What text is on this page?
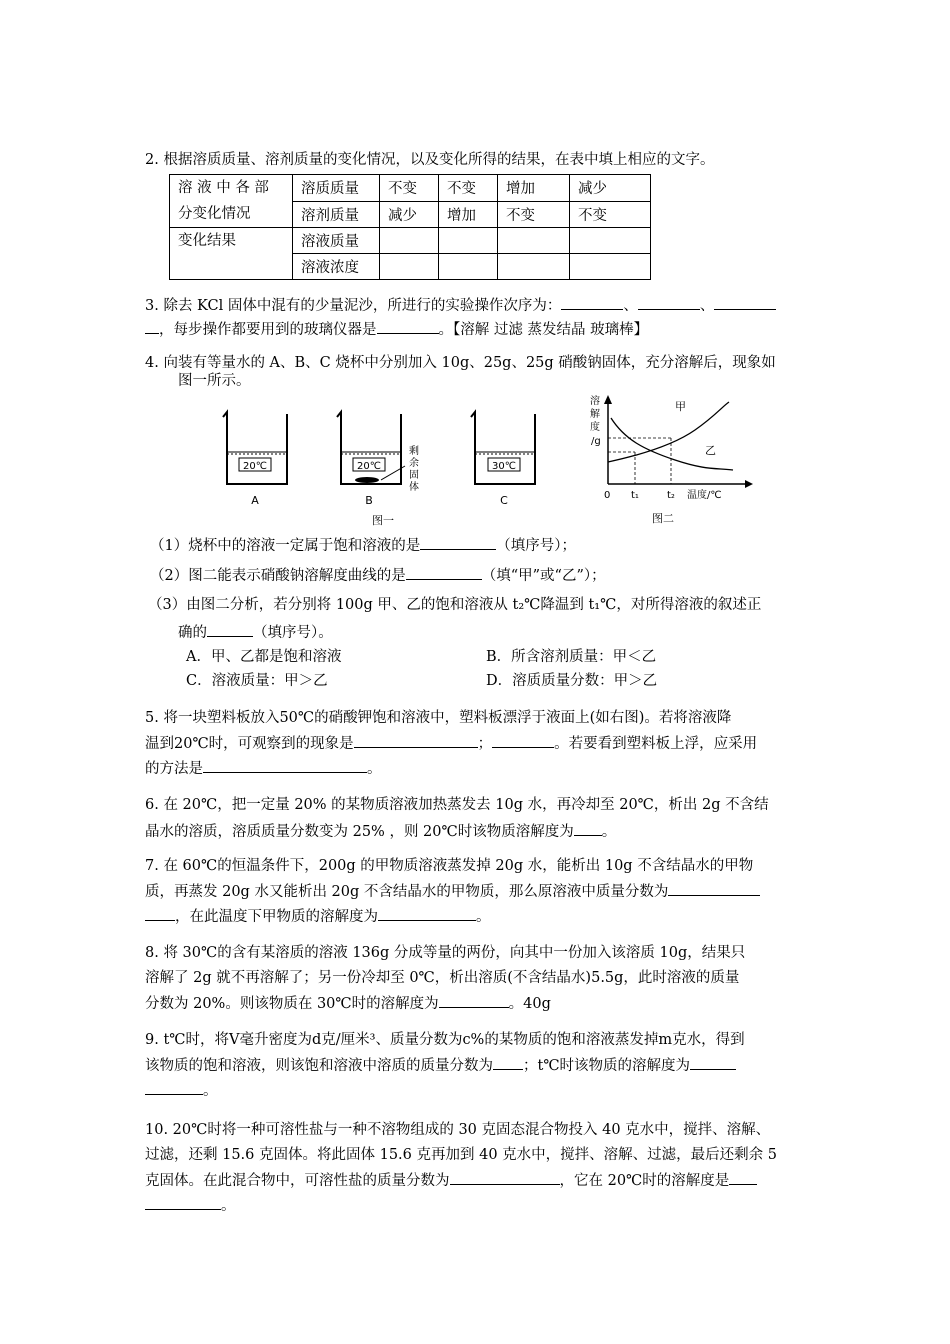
2. 根据溶质质量、溶剂质量的变化情况，以及变化所得的结果，在表中填上相应的文字。
溶 液 中 各 部
分变化情况	溶质质量	不变	不变	增加	减少
	溶剂质量	减少	增加	不变	不变
变化结果	溶液质量				
	溶液浓度				
3. 除去 KCl 固体中混有的少量泥沙，所进行的实验操作次序为：	、	、
，每步操作都要用到的玻璃仪器是	。【溶解 过滤 蒸发结晶 玻璃棒】
4. 向装有等量水的 A、B、C 烧杯中分别加入 10g、25g、25g 硝酸钠固体，充分溶解后，现象如
图一所示。
20℃
A
20℃
剩
余
固
体
B
30℃
C
图一
溶
解
度
/g
甲
乙
0 t₁	t₂ 温度/℃
图二
（1）烧杯中的溶液一定属于饱和溶液的是	（填序号）；
（2）图二能表示硝酸钠溶解度曲线的是	（填“甲”或“乙”）；
（3）由图二分析，若分别将 100g 甲、乙的饱和溶液从 t₂℃降温到 t₁℃，对所得溶液的叙述正
确的	（填序号）。
A．甲、乙都是饱和溶液	B．所含溶剂质量：甲＜乙
C．溶液质量：甲＞乙	D．溶质质量分数：甲＞乙
5. 将一块塑料板放入50℃的硝酸钾饱和溶液中，塑料板漂浮于液面上(如右图)。若将溶液降
温到20℃时，可观察到的现象是	；	。若要看到塑料板上浮，应采用
的方法是	。
6. 在 20℃，把一定量 20% 的某物质溶液加热蒸发去 10g 水，再冷却至 20℃，析出 2g 不含结
晶水的溶质，溶质质量分数变为 25% ，则 20℃时该物质溶解度为 。
7. 在 60℃的恒温条件下，200g 的甲物质溶液蒸发掉 20g 水，能析出 10g 不含结晶水的甲物
质，再蒸发 20g 水又能析出 20g 不含结晶水的甲物质，那么原溶液中质量分数为
，在此温度下甲物质的溶解度为	。
8. 将 30℃的含有某溶质的溶液 136g 分成等量的两份，向其中一份加入该溶质 10g，结果只
溶解了 2g 就不再溶解了；另一份冷却至 0℃，析出溶质(不含结晶水)5.5g，此时溶液的质量
分数为 20%。则该物质在 30℃时的溶解度为	。40g
9. t℃时，将V毫升密度为d克/厘米³、质量分数为c%的某物质的饱和溶液蒸发掉m克水，得到
该物质的饱和溶液，则该饱和溶液中溶质的质量分数为 ；t℃时该物质的溶解度为
。
10. 20℃时将一种可溶性盐与一种不溶物组成的 30 克固态混合物投入 40 克水中，搅拌、溶解、
过滤，还剩 15.6 克固体。将此固体 15.6 克再加到 40 克水中，搅拌、溶解、过滤，最后还剩余 5
克固体。在此混合物中，可溶性盐的质量分数为	，它在 20℃时的溶解度是
。
